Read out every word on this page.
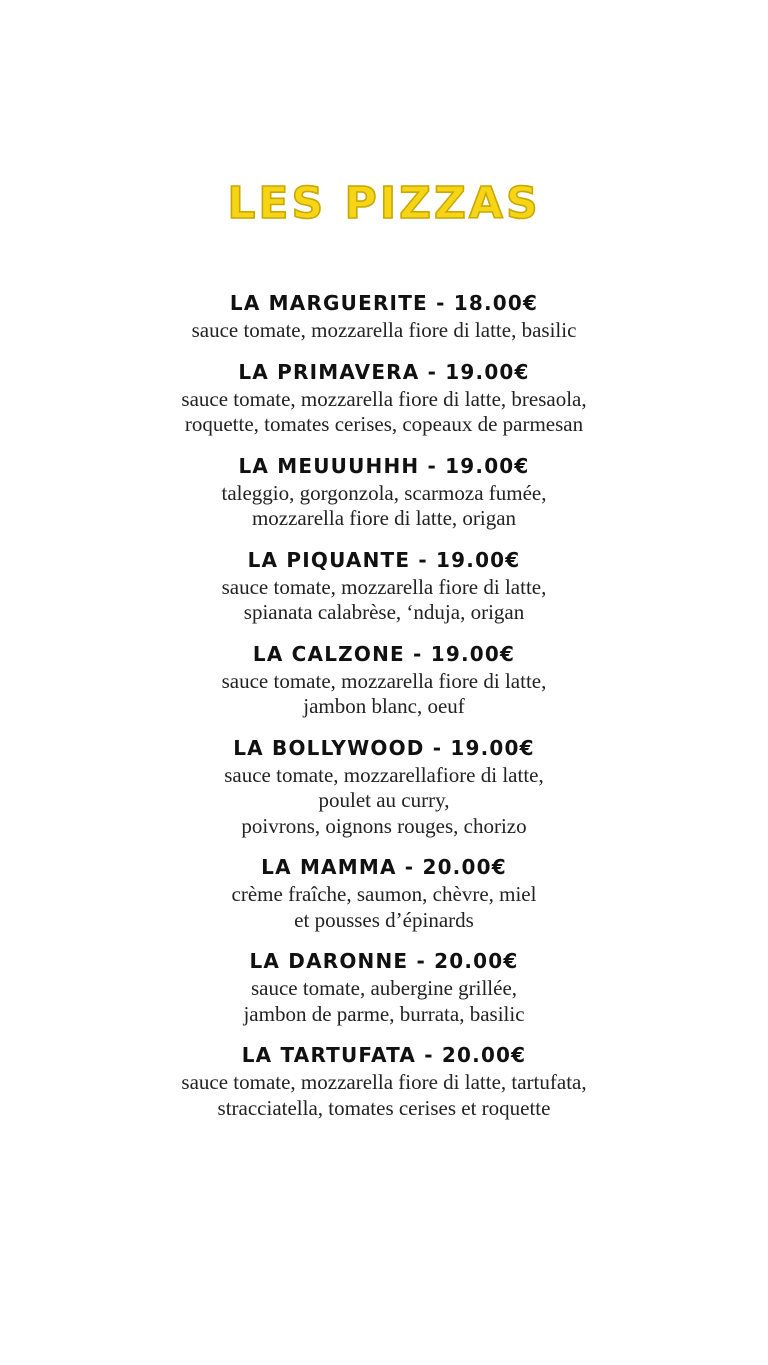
LES PIZZAS
LA MARGUERITE - 18.00€
sauce tomate, mozzarella fiore di latte, basilic
LA PRIMAVERA - 19.00€
sauce tomate, mozzarella fiore di latte, bresaola,
roquette, tomates cerises, copeaux de parmesan
LA MEUUUHHH - 19.00€
taleggio, gorgonzola, scarmoza fumée,
mozzarella fiore di latte, origan
LA PIQUANTE - 19.00€
sauce tomate, mozzarella fiore di latte,
spianata calabrèse, ‘nduja, origan
LA CALZONE - 19.00€
sauce tomate, mozzarella fiore di latte,
jambon blanc, oeuf
LA BOLLYWOOD - 19.00€
sauce tomate, mozzarellafiore di latte,
poulet au curry,
poivrons, oignons rouges, chorizo
LA MAMMA - 20.00€
crème fraîche, saumon, chèvre, miel
et pousses d’épinards
LA DARONNE - 20.00€
sauce tomate, aubergine grillée,
jambon de parme, burrata, basilic
LA TARTUFATA - 20.00€
sauce tomate, mozzarella fiore di latte, tartufata,
stracciatella, tomates cerises et roquette
